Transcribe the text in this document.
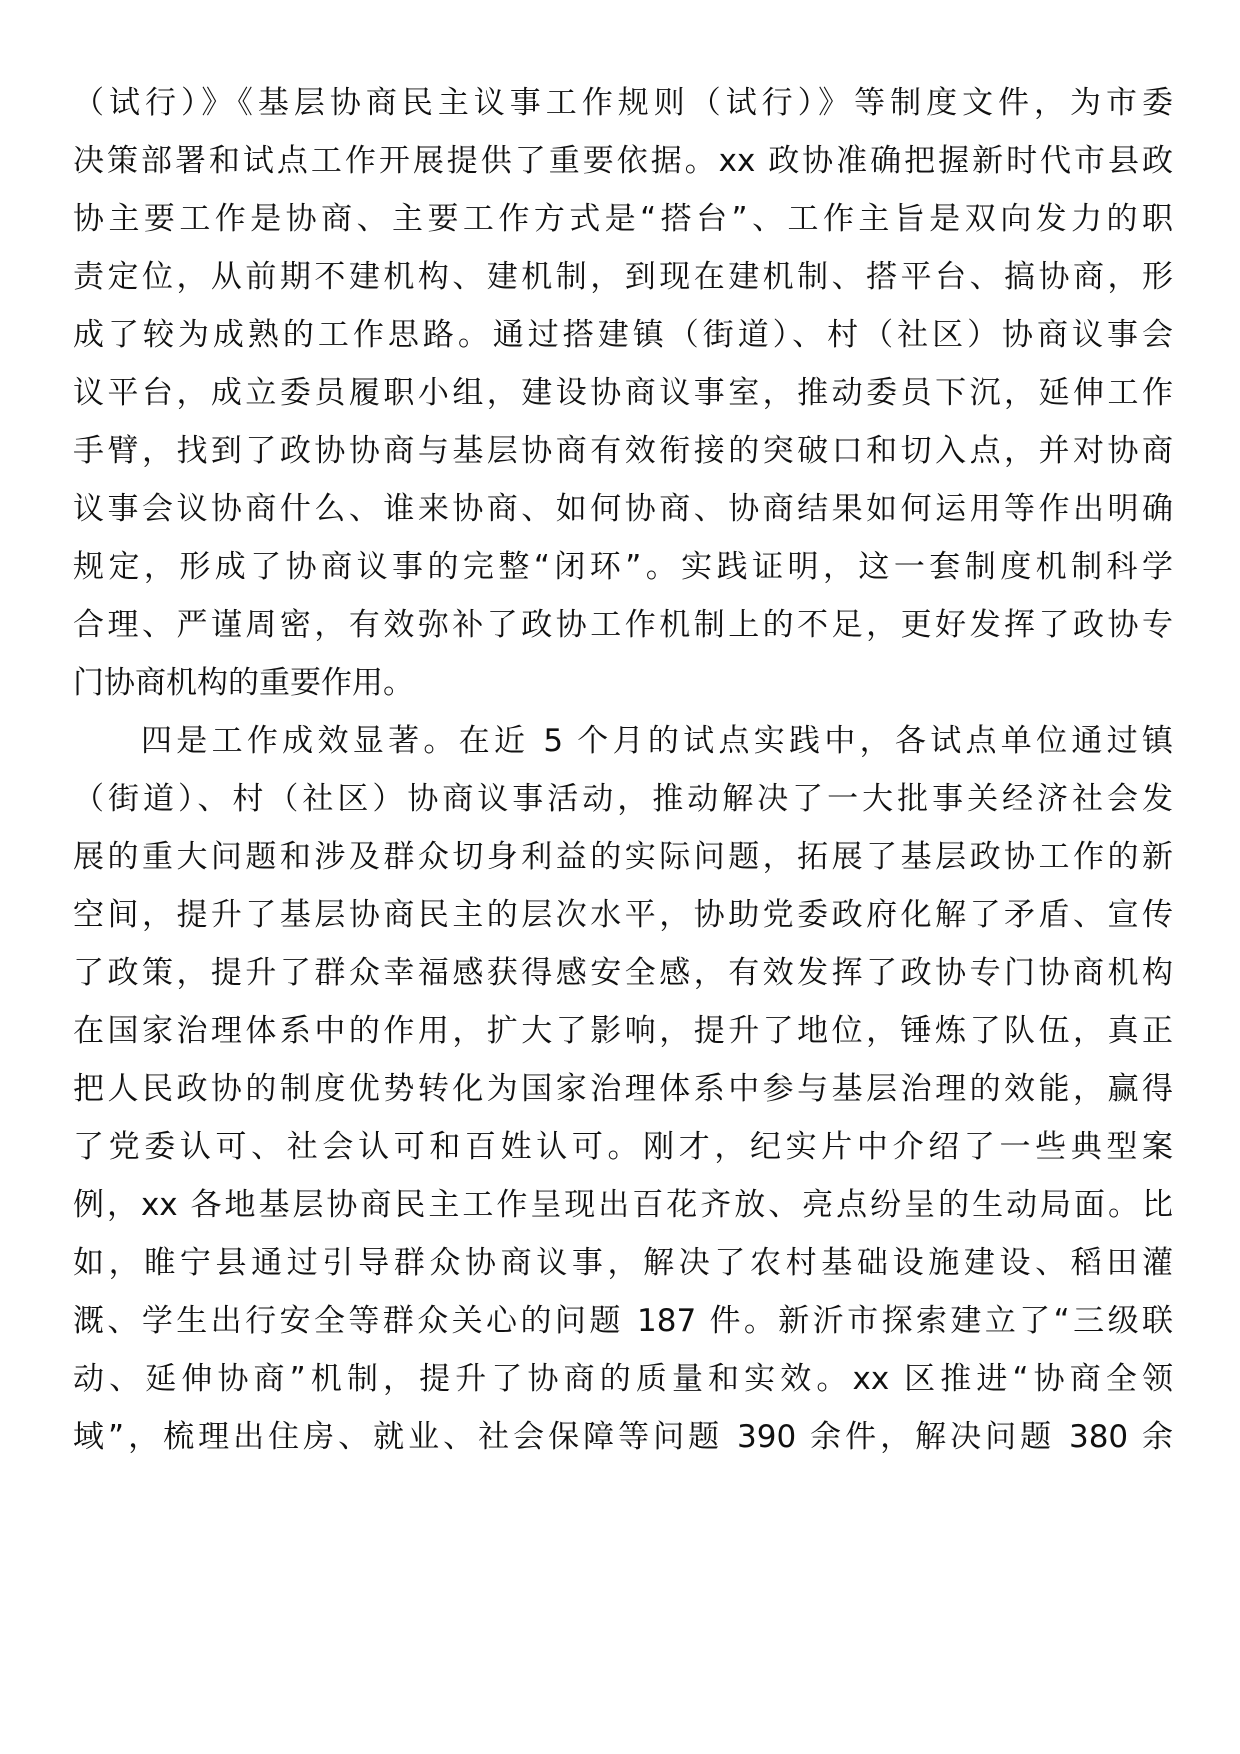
（试行）》《基层协商民主议事工作规则（试行）》等制度文件，为市委
决策部署和试点工作开展提供了重要依据。xx 政协准确把握新时代市县政
协主要工作是协商、主要工作方式是“搭台”、工作主旨是双向发力的职
责定位，从前期不建机构、建机制，到现在建机制、搭平台、搞协商，形
成了较为成熟的工作思路。通过搭建镇（街道）、村（社区）协商议事会
议平台，成立委员履职小组，建设协商议事室，推动委员下沉，延伸工作
手臂，找到了政协协商与基层协商有效衔接的突破口和切入点，并对协商
议事会议协商什么、谁来协商、如何协商、协商结果如何运用等作出明确
规定，形成了协商议事的完整“闭环”。实践证明，这一套制度机制科学
合理、严谨周密，有效弥补了政协工作机制上的不足，更好发挥了政协专
门协商机构的重要作用。
四是工作成效显著。在近 5 个月的试点实践中，各试点单位通过镇
（街道）、村（社区）协商议事活动，推动解决了一大批事关经济社会发
展的重大问题和涉及群众切身利益的实际问题，拓展了基层政协工作的新
空间，提升了基层协商民主的层次水平，协助党委政府化解了矛盾、宣传
了政策，提升了群众幸福感获得感安全感，有效发挥了政协专门协商机构
在国家治理体系中的作用，扩大了影响，提升了地位，锤炼了队伍，真正
把人民政协的制度优势转化为国家治理体系中参与基层治理的效能，赢得
了党委认可、社会认可和百姓认可。刚才，纪实片中介绍了一些典型案
例，xx 各地基层协商民主工作呈现出百花齐放、亮点纷呈的生动局面。比
如，睢宁县通过引导群众协商议事，解决了农村基础设施建设、稻田灌
溉、学生出行安全等群众关心的问题 187 件。新沂市探索建立了“三级联
动、延伸协商”机制，提升了协商的质量和实效。xx 区推进“协商全领
域”，梳理出住房、就业、社会保障等问题 390 余件，解决问题 380 余
